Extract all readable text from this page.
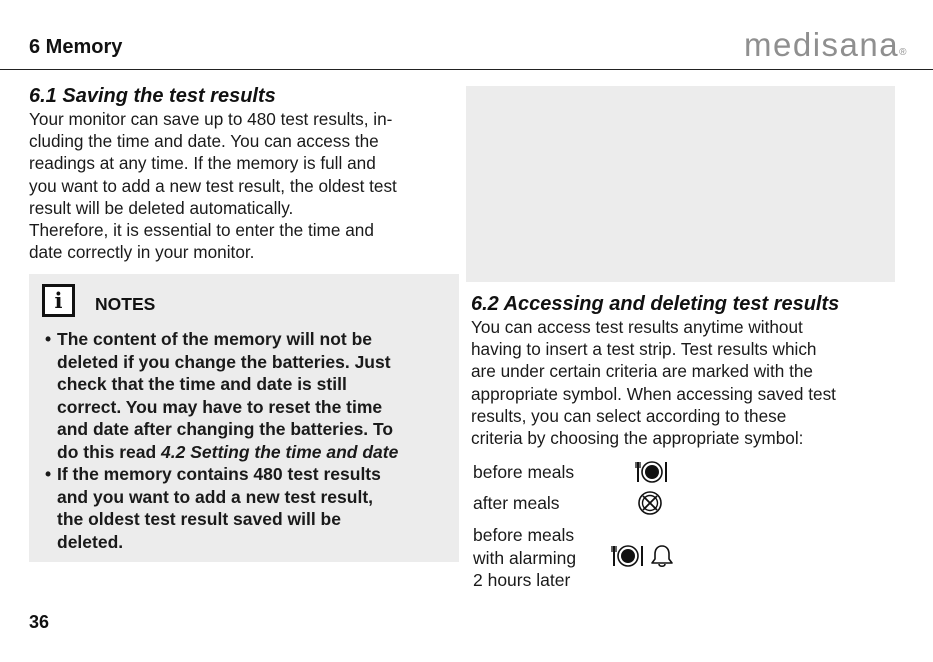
6 Memory	medisana®
6.1 Saving the test results
Your monitor can save up to 480 test results, in-
cluding the time and date. You can access the
readings at any time. If the memory is full and
you want to add a new test result, the oldest test
result will be deleted automatically.
Therefore, it is essential to enter the time and
date correctly in your monitor.
i	NOTES
• The content of the memory will not be
deleted if you change the batteries. Just
check that the time and date is still
correct. You may have to reset the time
and date after changing the batteries. To
do this read 4.2 Setting the time and date
• If the memory contains 480 test results
and you want to add a new test result,
the oldest test result saved will be
deleted.
6.2 Accessing and deleting test results
You can access test results anytime without
having to insert a test strip. Test results which
are under certain criteria are marked with the
appropriate symbol. When accessing saved test
results, you can select according to these
criteria by choosing the appropriate symbol:
before meals
after meals
before meals
with alarming
2 hours later
36
